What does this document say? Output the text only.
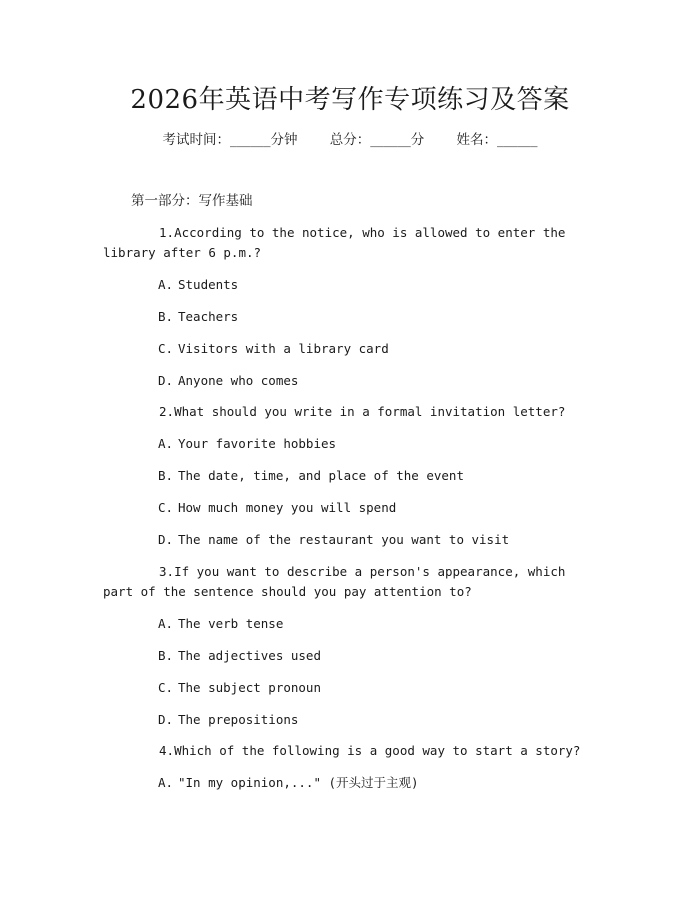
2026年英语中考写作专项练习及答案
考试时间：______分钟 总分：______分 姓名：______
第一部分：写作基础

1.According to the notice, who is allowed to enter the library after 6 p.m.?

A. Students

B. Teachers

C. Visitors with a library card

D. Anyone who comes

2.What should you write in a formal invitation letter?

A. Your favorite hobbies

B. The date, time, and place of the event

C. How much money you will spend

D. The name of the restaurant you want to visit

3.If you want to describe a person's appearance, which part of the sentence should you pay attention to?

A. The verb tense

B. The adjectives used

C. The subject pronoun

D. The prepositions

4.Which of the following is a good way to start a story?

A. "In my opinion,..." (开头过于主观)
